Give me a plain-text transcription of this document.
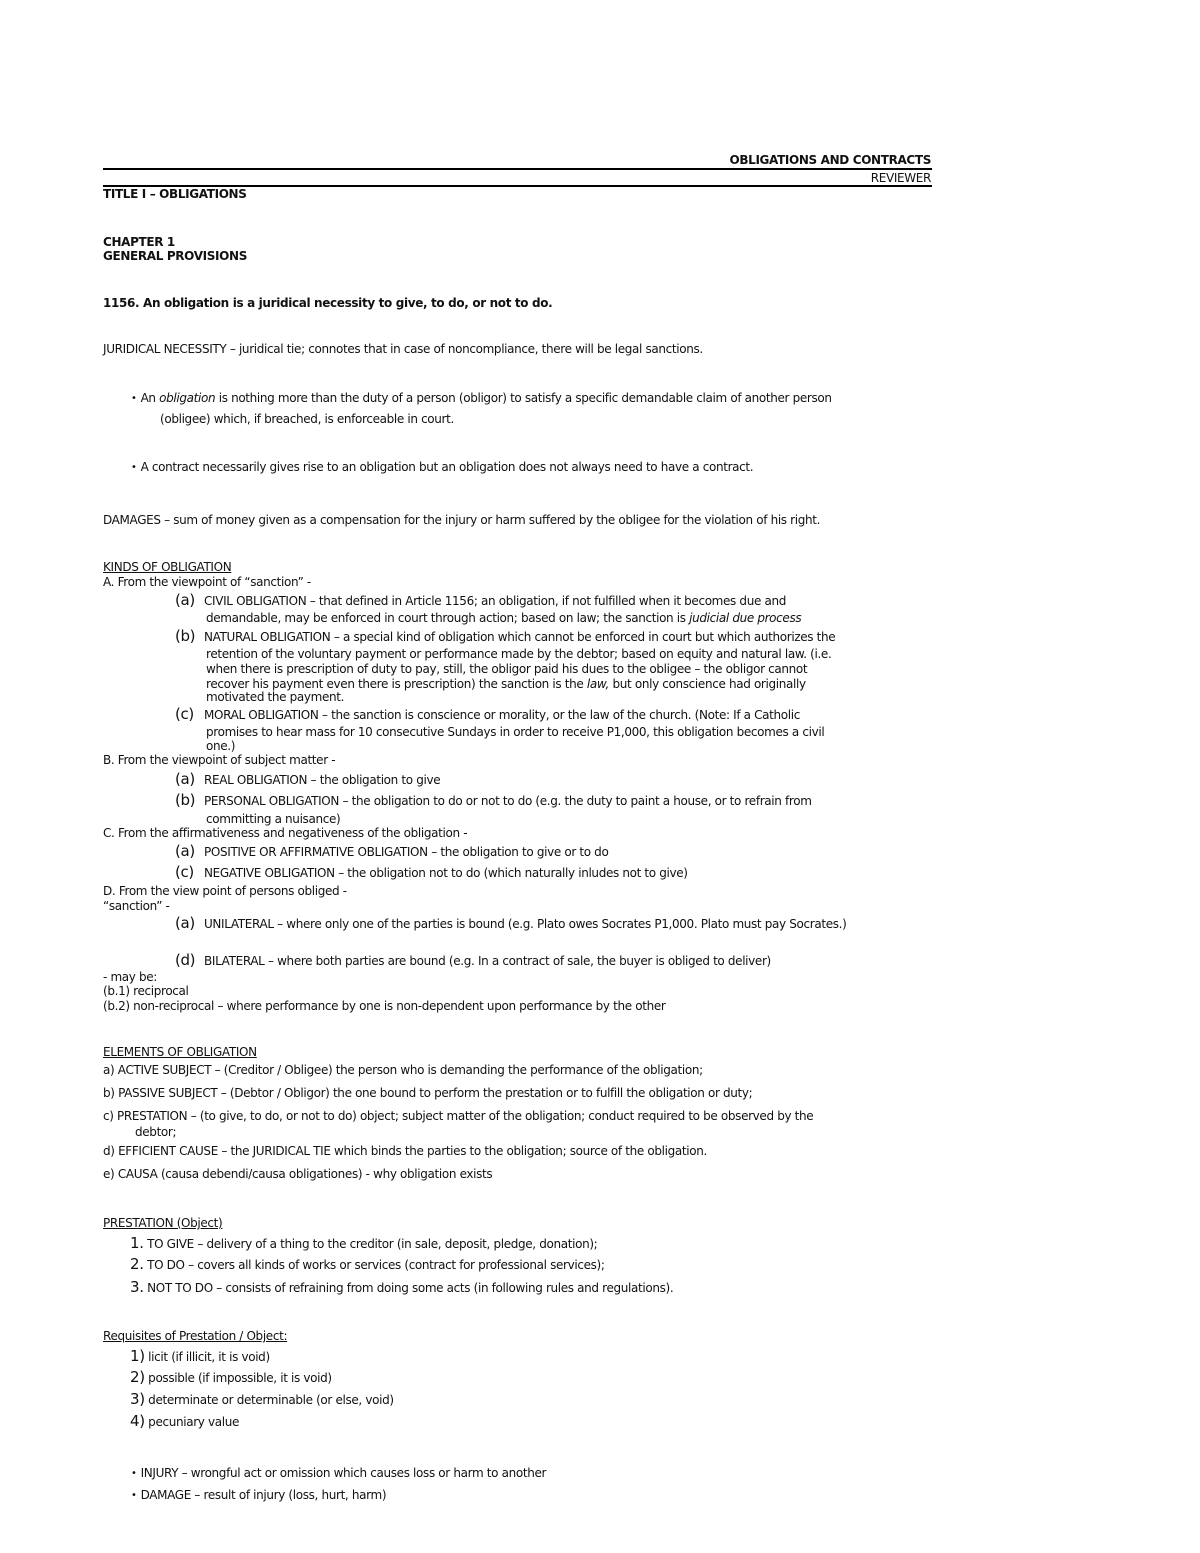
OBLIGATIONS AND CONTRACTS
REVIEWER
TITLE I – OBLIGATIONS
CHAPTER 1
GENERAL PROVISIONS
1156. An obligation is a juridical necessity to give, to do, or not to do.
JURIDICAL NECESSITY – juridical tie; connotes that in case of noncompliance, there will be legal sanctions.
• An obligation is nothing more than the duty of a person (obligor) to satisfy a specific demandable claim of another person
(obligee) which, if breached, is enforceable in court.
• A contract necessarily gives rise to an obligation but an obligation does not always need to have a contract.
DAMAGES – sum of money given as a compensation for the injury or harm suffered by the obligee for the violation of his right.
KINDS OF OBLIGATION
A. From the viewpoint of “sanction” -
(a) CIVIL OBLIGATION – that defined in Article 1156; an obligation, if not fulfilled when it becomes due and
demandable, may be enforced in court through action; based on law; the sanction is judicial due process
(b) NATURAL OBLIGATION – a special kind of obligation which cannot be enforced in court but which authorizes the
retention of the voluntary payment or performance made by the debtor; based on equity and natural law. (i.e.
when there is prescription of duty to pay, still, the obligor paid his dues to the obligee – the obligor cannot
recover his payment even there is prescription) the sanction is the law, but only conscience had originally
motivated the payment.
(c) MORAL OBLIGATION – the sanction is conscience or morality, or the law of the church. (Note: If a Catholic
promises to hear mass for 10 consecutive Sundays in order to receive P1,000, this obligation becomes a civil
one.)
B. From the viewpoint of subject matter -
(a) REAL OBLIGATION – the obligation to give
(b) PERSONAL OBLIGATION – the obligation to do or not to do (e.g. the duty to paint a house, or to refrain from
committing a nuisance)
C. From the affirmativeness and negativeness of the obligation -
(a) POSITIVE OR AFFIRMATIVE OBLIGATION – the obligation to give or to do
(c) NEGATIVE OBLIGATION – the obligation not to do (which naturally inludes not to give)
D. From the view point of persons obliged -
“sanction” -
(a) UNILATERAL – where only one of the parties is bound (e.g. Plato owes Socrates P1,000. Plato must pay Socrates.)
(d) BILATERAL – where both parties are bound (e.g. In a contract of sale, the buyer is obliged to deliver)
- may be:
(b.1) reciprocal
(b.2) non-reciprocal – where performance by one is non-dependent upon performance by the other
ELEMENTS OF OBLIGATION
a) ACTIVE SUBJECT – (Creditor / Obligee) the person who is demanding the performance of the obligation;
b) PASSIVE SUBJECT – (Debtor / Obligor) the one bound to perform the prestation or to fulfill the obligation or duty;
c) PRESTATION – (to give, to do, or not to do) object; subject matter of the obligation; conduct required to be observed by the
debtor;
d) EFFICIENT CAUSE – the JURIDICAL TIE which binds the parties to the obligation; source of the obligation.
e) CAUSA (causa debendi/causa obligationes) - why obligation exists
PRESTATION (Object)
1. TO GIVE – delivery of a thing to the creditor (in sale, deposit, pledge, donation);
2. TO DO – covers all kinds of works or services (contract for professional services);
3. NOT TO DO – consists of refraining from doing some acts (in following rules and regulations).
Requisites of Prestation / Object:
1) licit (if illicit, it is void)
2) possible (if impossible, it is void)
3) determinate or determinable (or else, void)
4) pecuniary value
• INJURY – wrongful act or omission which causes loss or harm to another
• DAMAGE – result of injury (loss, hurt, harm)
